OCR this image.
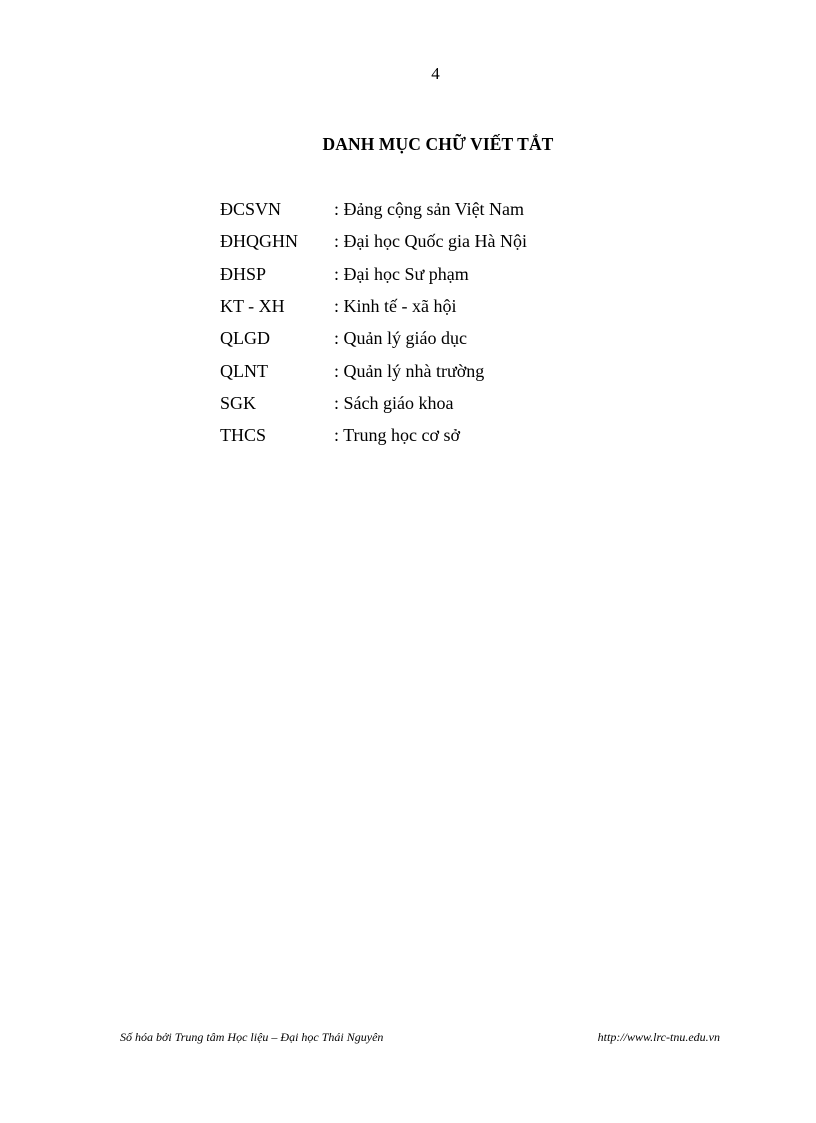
4
DANH MỤC CHỮ VIẾT TẮT
ĐCSVN	: Đảng cộng sản Việt Nam
ĐHQGHN	: Đại học Quốc gia Hà Nội
ĐHSP	: Đại học Sư phạm
KT - XH	: Kinh tế - xã hội
QLGD	: Quản lý giáo dục
QLNT	: Quản lý nhà trường
SGK	: Sách giáo khoa
THCS	: Trung học cơ sở
Số hóa bởi Trung tâm Học liệu – Đại học Thái Nguyên	http://www.lrc-tnu.edu.vn
